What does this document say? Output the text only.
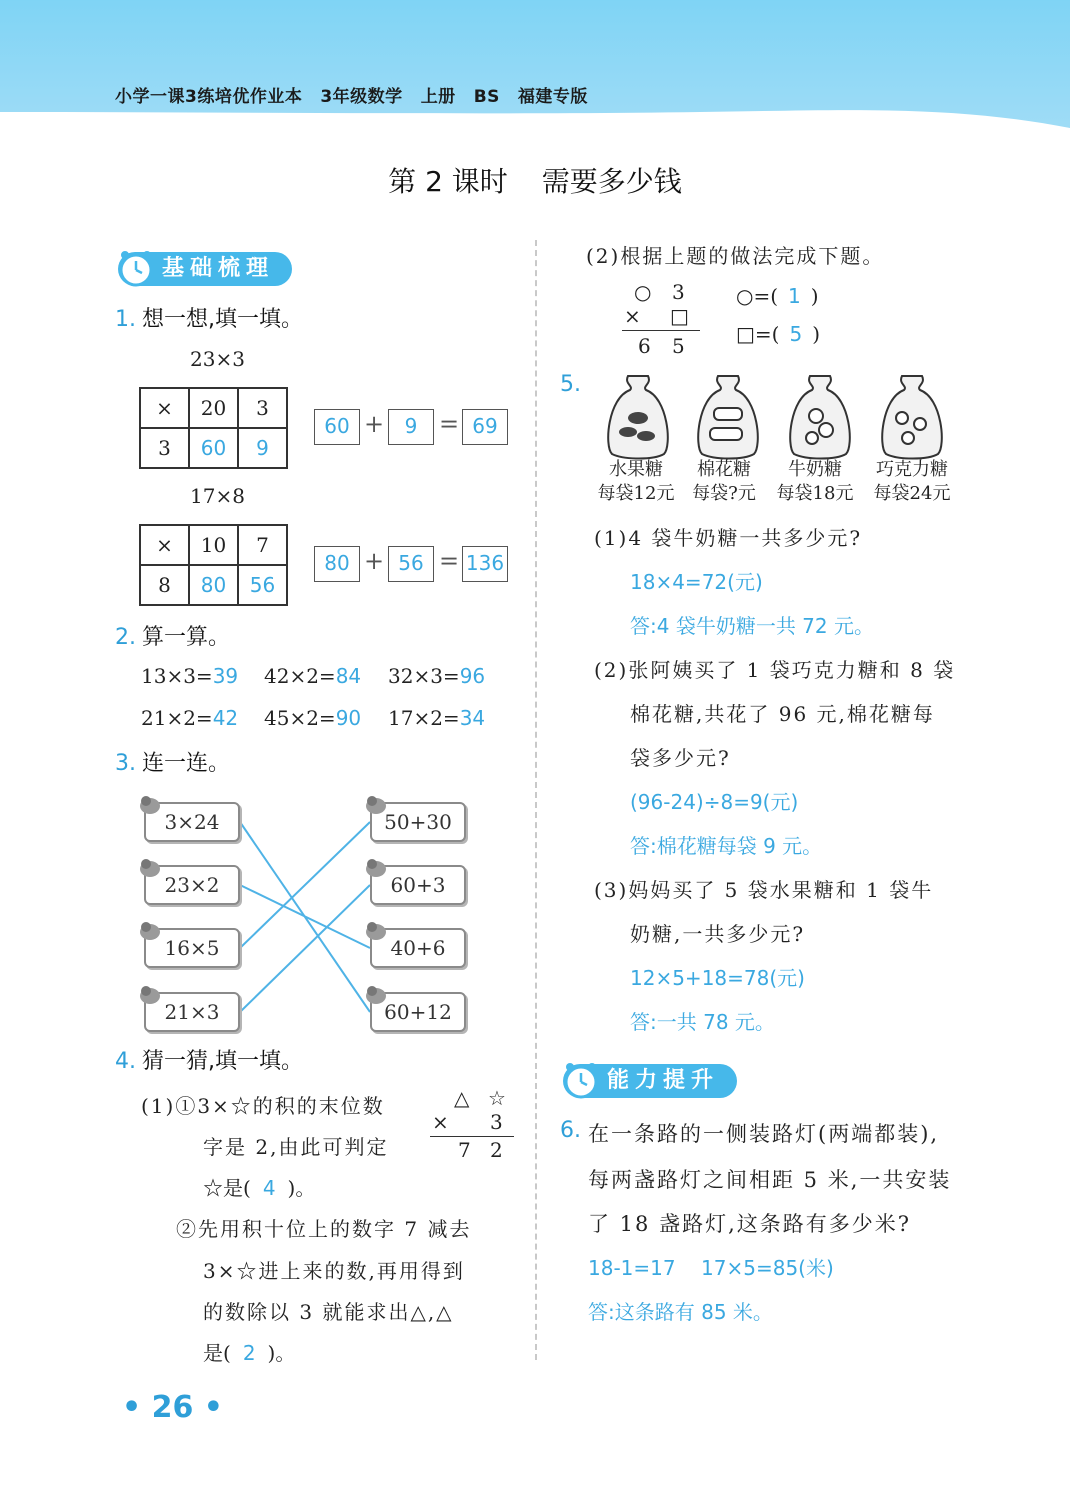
小学一课3练培优作业本 3年级数学 上册 BS 福建专版
第 2 课时 需要多少钱
基础梳理
1. 想一想,填一填。
23×3
×	20	3
3	60	9
60 +	9 = 69
17×8
×	10	7
8	80	56
80 + 56 = 136
2. 算一算。
13×3=39 42×2=84 32×3=96
21×2=42 45×2=90 17×2=34
3. 连一连。
3×24
23×2
16×5
21×3
50+30
60+3
40+6
60+12
4. 猜一猜,填一填。
(1)①3×☆的积的末位数
字是 2,由此可判定
☆是( 4 )。
②先用积十位上的数字 7 减去
3×☆进上来的数,再用得到
的数除以 3 就能求出△,△
是( 2 )。
△ ☆
× 3
7 2
(2)根据上题的做法完成下题。
○ 3
× □
6 5
○=( 1 )
□=( 5 )
5.
水果糖
每袋12元
棉花糖
每袋?元
牛奶糖
每袋18元
巧克力糖
每袋24元
(1)4 袋牛奶糖一共多少元?
18×4=72(元)
答:4 袋牛奶糖一共 72 元。
(2)张阿姨买了 1 袋巧克力糖和 8 袋
棉花糖,共花了 96 元,棉花糖每
袋多少元?
(96-24)÷8=9(元)
答:棉花糖每袋 9 元。
(3)妈妈买了 5 袋水果糖和 1 袋牛
奶糖,一共多少元?
12×5+18=78(元)
答:一共 78 元。
能力提升
6. 在一条路的一侧装路灯(两端都装),
每两盏路灯之间相距 5 米,一共安装
了 18 盏路灯,这条路有多少米?
18-1=17    17×5=85(米)
答:这条路有 85 米。
• 26 •
